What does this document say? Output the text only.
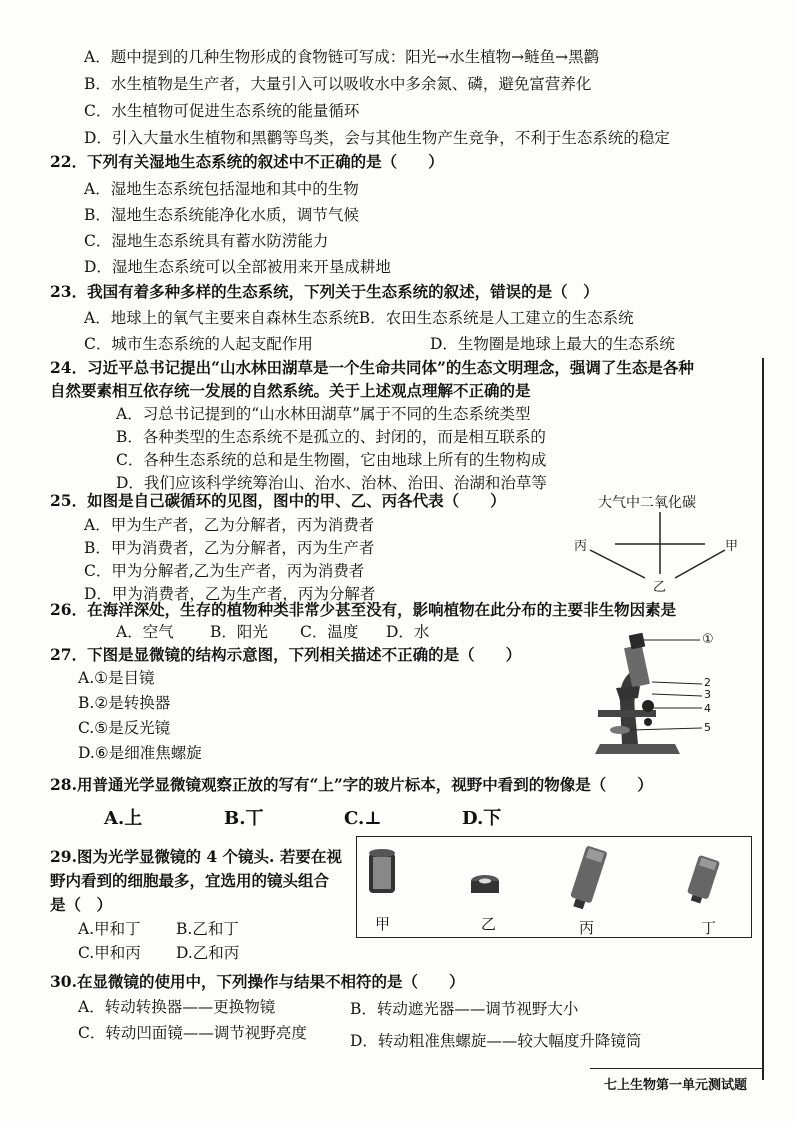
A．题中提到的几种生物形成的食物链可写成：阳光→水生植物→鲢鱼→黑鹳
B．水生植物是生产者，大量引入可以吸收水中多余氮、磷，避免富营养化
C．水生植物可促进生态系统的能量循环
D．引入大量水生植物和黑鹳等鸟类，会与其他生物产生竞争，不利于生态系统的稳定
22．下列有关湿地生态系统的叙述中不正确的是（　　）
A．湿地生态系统包括湿地和其中的生物
B．湿地生态系统能净化水质，调节气候
C．湿地生态系统具有蓄水防涝能力
D．湿地生态系统可以全部被用来开垦成耕地
23．我国有着多种多样的生态系统，下列关于生态系统的叙述，错误的是（　）
A．地球上的氧气主要来自森林生态系统B．农田生态系统是人工建立的生态系统
C．城市生态系统的人起支配作用	D．生物圈是地球上最大的生态系统
24．习近平总书记提出“山水林田湖草是一个生命共同体”的生态文明理念，强调了生态是各种
自然要素相互依存统一发展的自然系统。关于上述观点理解不正确的是
A．习总书记提到的“山水林田湖草”属于不同的生态系统类型
B．各种类型的生态系统不是孤立的、封闭的，而是相互联系的
C．各种生态系统的总和是生物圈，它由地球上所有的生物构成
D．我们应该科学统筹治山、治水、治林、治田、治湖和治草等
25．如图是自己碳循环的见图，图中的甲、乙、丙各代表（　　）
A．甲为生产者，乙为分解者，丙为消费者
B．甲为消费者，乙为分解者，丙为生产者
C．甲为分解者,乙为生产者，丙为消费者
D．甲为消费者，乙为生产者，丙为分解者
大气中二氧化碳
丙	甲
乙
26．在海洋深处，生存的植物种类非常少甚至没有，影响植物在此分布的主要非生物因素是
A．空气 B．阳光 C．温度 D．水
27．下图是显微镜的结构示意图，下列相关描述不正确的是（　　）
A.①是目镜
B.②是转换器
C.⑤是反光镜
D.⑥是细准焦螺旋
①
2
3
4
5
28.用普通光学显微镜观察正放的写有“上”字的玻片标本，视野中看到的物像是（　　）
A.上	B.丅	C.⊥	D.下
29.图为光学显微镜的 4 个镜头. 若要在视
野内看到的细胞最多，宜选用的镜头组合
是（　）
A.甲和丁 B.乙和丁
C.甲和丙 D.乙和丙
甲	乙	丙	丁
30.在显微镜的使用中，下列操作与结果不相符的是（　　）
A．转动转换器——更换物镜	B．转动遮光器——调节视野大小
C．转动凹面镜——调节视野亮度	D．转动粗准焦螺旋——较大幅度升降镜筒
七上生物第一单元测试题
